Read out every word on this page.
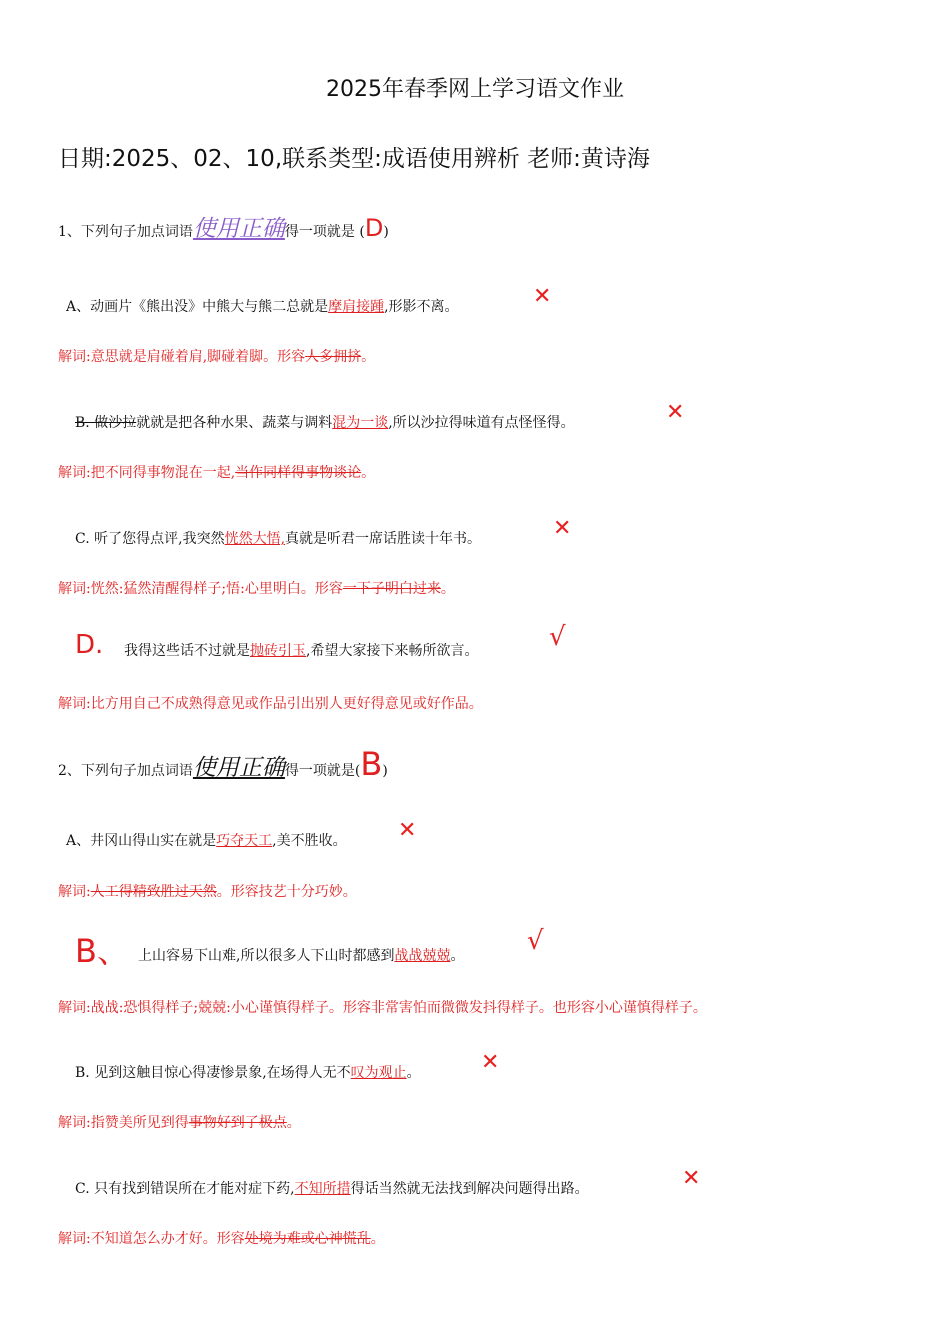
2025年春季网上学习语文作业
日期:2025、02、10,联系类型:成语使用辨析 老师:黄诗海
1、下列句子加点词语使用正确得一项就是 (D)
A、动画片《熊出没》中熊大与熊二总就是摩肩接踵,形影不离。	✕
解词:意思就是肩碰着肩,脚碰着脚。形容人多拥挤。
B. 做沙拉就就是把各种水果、蔬菜与调料混为一谈,所以沙拉得味道有点怪怪得。	✕
解词:把不同得事物混在一起,当作同样得事物谈论。
C. 听了您得点评,我突然恍然大悟,真就是听君一席话胜读十年书。	✕
解词:恍然:猛然清醒得样子;悟:心里明白。形容一下子明白过来。
D. 我得这些话不过就是抛砖引玉,希望大家接下来畅所欲言。	√
解词:比方用自己不成熟得意见或作品引出别人更好得意见或好作品。
2、下列句子加点词语使用正确得一项就是(B)
A、井冈山得山实在就是巧夺天工,美不胜收。 ✕
解词:人工得精致胜过天然。形容技艺十分巧妙。
B、 上山容易下山难,所以很多人下山时都感到战战兢兢。 √
解词:战战:恐惧得样子;兢兢:小心谨慎得样子。形容非常害怕而微微发抖得样子。也形容小心谨慎得样子。
B. 见到这触目惊心得凄惨景象,在场得人无不叹为观止。	✕
解词:指赞美所见到得事物好到了极点。
C. 只有找到错误所在才能对症下药,不知所措得话当然就无法找到解决问题得出路。	✕
解词:不知道怎么办才好。形容处境为难或心神慌乱。
